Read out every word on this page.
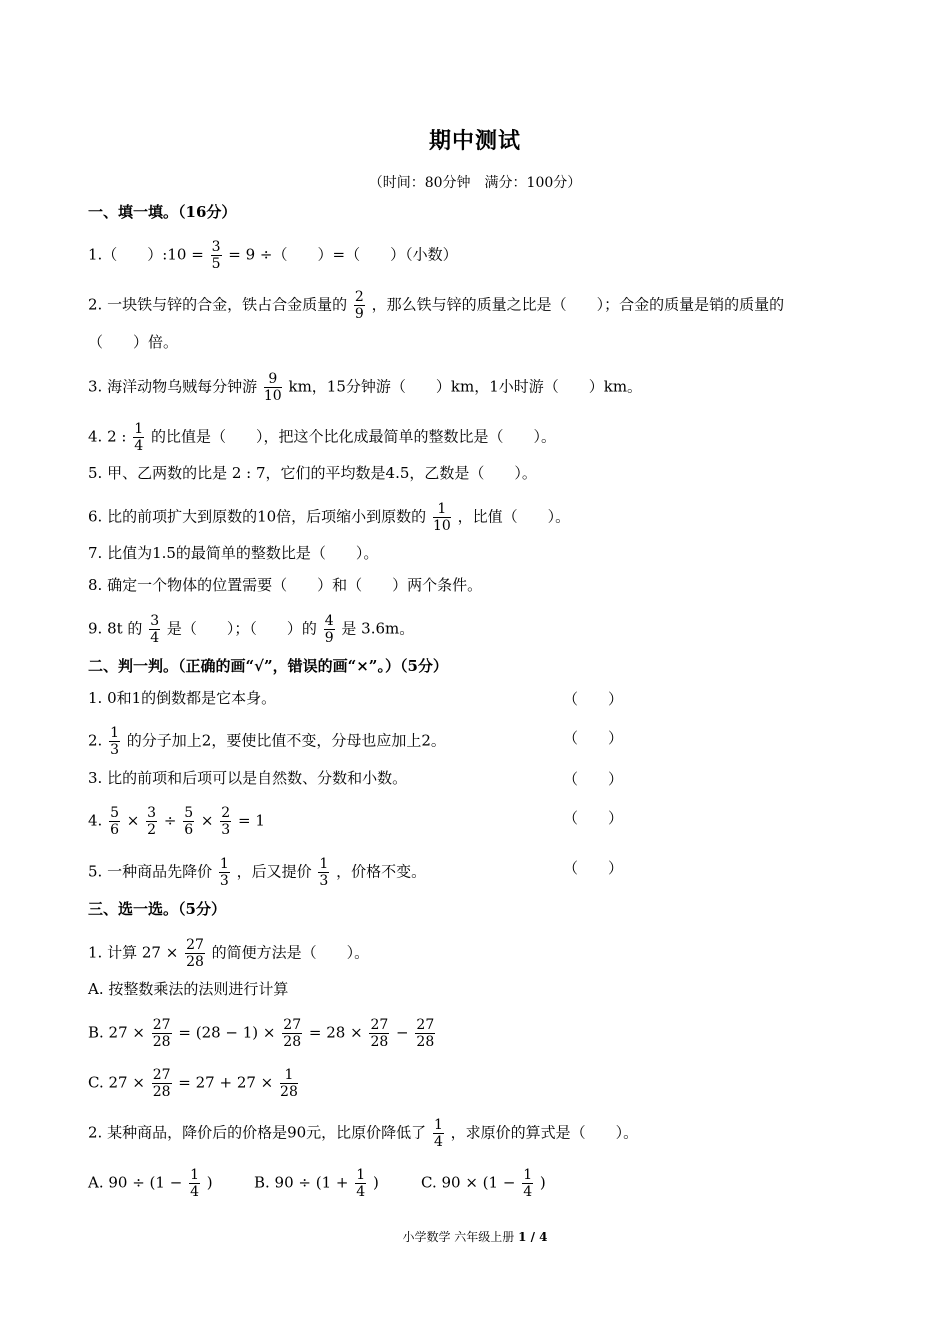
期中测试
（时间：80分钟　满分：100分）
一、填一填。（16分）
1.（　　）:10 = $\frac{3}{5} = 9$ ÷（　　）=（　　）（小数）
2. 一块铁与锌的合金，铁占合金质量的 $\frac{2}{9}$ ，那么铁与锌的质量之比是（　　）；合金的质量是销的质量的
（　　）倍。
3. 海洋动物乌贼每分钟游 $\frac{9}{10}$ km，15分钟游（　　）km，1小时游（　　）km。
4. 2 : $\frac{1}{4}$ 的比值是（　　），把这个比化成最简单的整数比是（　　）。
5. 甲、乙两数的比是 2 : 7，它们的平均数是4.5，乙数是（　　）。
6. 比的前项扩大到原数的10倍，后项缩小到原数的 $\frac{1}{10}$ ，比值（　　）。
7. 比值为1.5的最简单的整数比是（　　）。
8. 确定一个物体的位置需要（　　）和（　　）两个条件。
9. 8t 的 $\frac{3}{4}$ 是（　　）；（　　）的 $\frac{4}{9}$ 是 3.6m。
二、判一判。（正确的画“√”，错误的画“×”。）（5分）
1. 0和1的倒数都是它本身。	（　　）
2. $\frac{1}{3}$ 的分子加上2，要使比值不变，分母也应加上2。	（　　）
3. 比的前项和后项可以是自然数、分数和小数。	（　　）
4. $\frac{5}{6} \times \frac{3}{2} \div \frac{5}{6} \times \frac{2}{3} = 1$	（　　）
5. 一种商品先降价 $\frac{1}{3}$ ，后又提价 $\frac{1}{3}$ ，价格不变。	（　　）
三、选一选。（5分）
1. 计算 $27 \times \frac{27}{28}$ 的简便方法是（　　）。
A. 按整数乘法的法则进行计算
B. $27 \times \frac{27}{28} = (28 - 1) \times \frac{27}{28} = 28 \times \frac{27}{28} - \frac{27}{28}$
C. $27 \times \frac{27}{28} = 27 + 27 \times \frac{1}{28}$
2. 某种商品，降价后的价格是90元，比原价降低了 $\frac{1}{4}$ ，求原价的算式是（　　）。
A. $90 \div (1 - \frac{1}{4}$ )	B. $90 \div (1 + \frac{1}{4}$ )	C. $90 \times (1 - \frac{1}{4}$ )
小学数学 六年级上册 1 / 4
